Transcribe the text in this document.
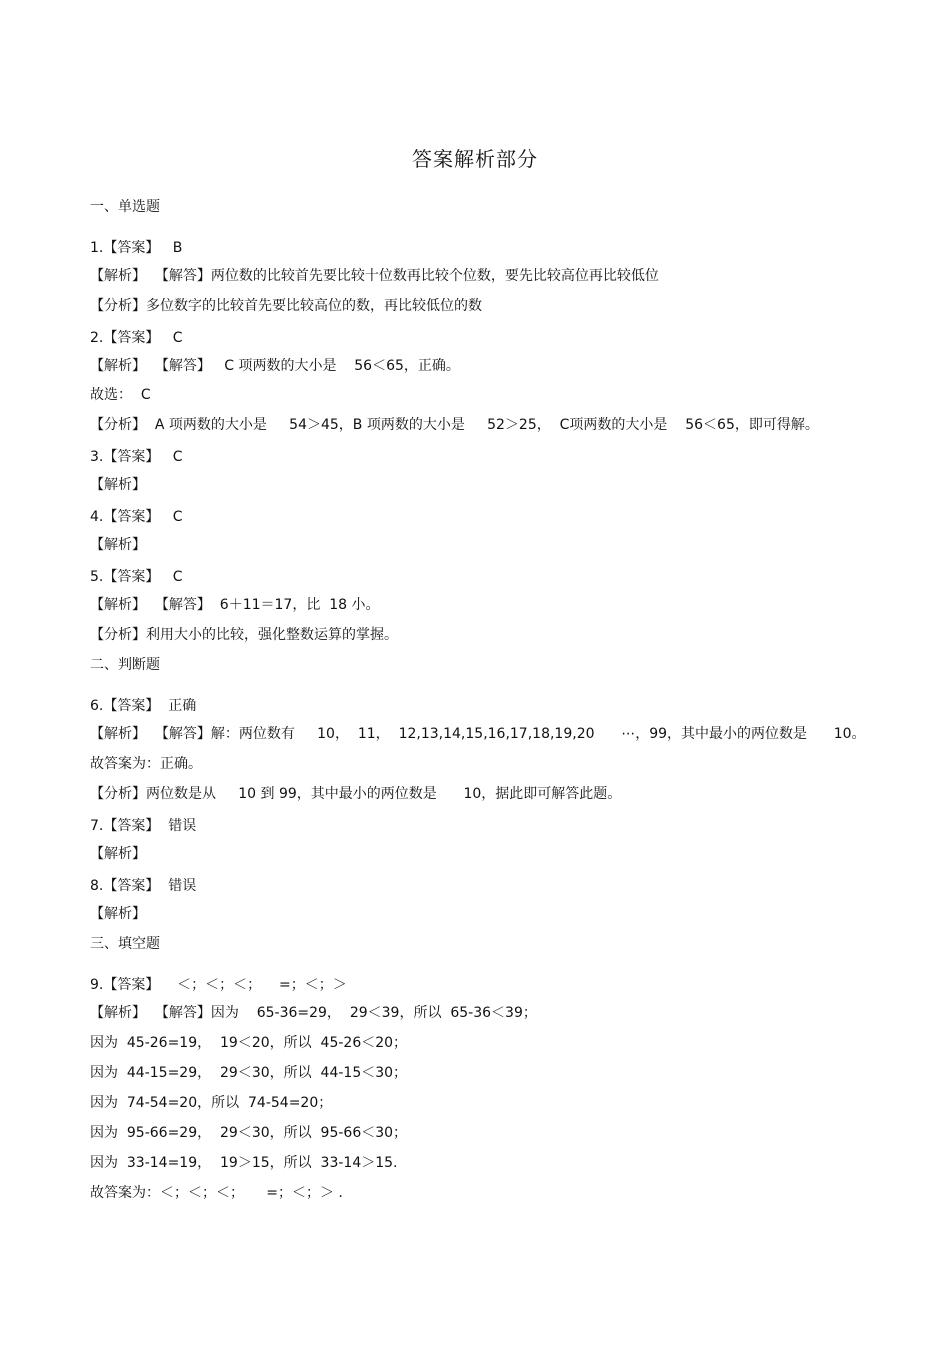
答案解析部分
一、单选题
1.【答案】   B
【解析】  【解答】两位数的比较首先要比较十位数再比较个位数，要先比较高位再比较低位
【分析】多位数字的比较首先要比较高位的数，再比较低位的数
2.【答案】   C
【解析】  【解答】   C 项两数的大小是    56＜65，正确。
故选：  C
【分析】  A 项两数的大小是     54＞45，B 项两数的大小是     52＞25，  C项两数的大小是    56＜65，即可得解。
3.【答案】   C
【解析】
4.【答案】   C
【解析】
5.【答案】   C
【解析】  【解答】  6＋11＝17，比  18 小。
【分析】利用大小的比较，强化整数运算的掌握。
二、判断题
6.【答案】  正确
【解析】  【解答】解：两位数有     10，  11，  12,13,14,15,16,17,18,19,20      ⋯，99，其中最小的两位数是      10。
故答案为：正确。
【分析】两位数是从     10 到 99，其中最小的两位数是      10，据此即可解答此题。
7.【答案】  错误
【解析】
8.【答案】  错误
【解析】
三、填空题
9.【答案】    ＜；＜；＜；    =；＜；＞
【解析】  【解答】因为    65-36=29，  29＜39，所以  65-36＜39；
因为  45-26=19，  19＜20，所以  45-26＜20；
因为  44-15=29，  29＜30，所以  44-15＜30；
因为  74-54=20，所以  74-54=20；
因为  95-66=29，  29＜30，所以  95-66＜30；
因为  33-14=19，  19＞15，所以  33-14＞15.
故答案为：＜；＜；＜；     =；＜；＞ .
